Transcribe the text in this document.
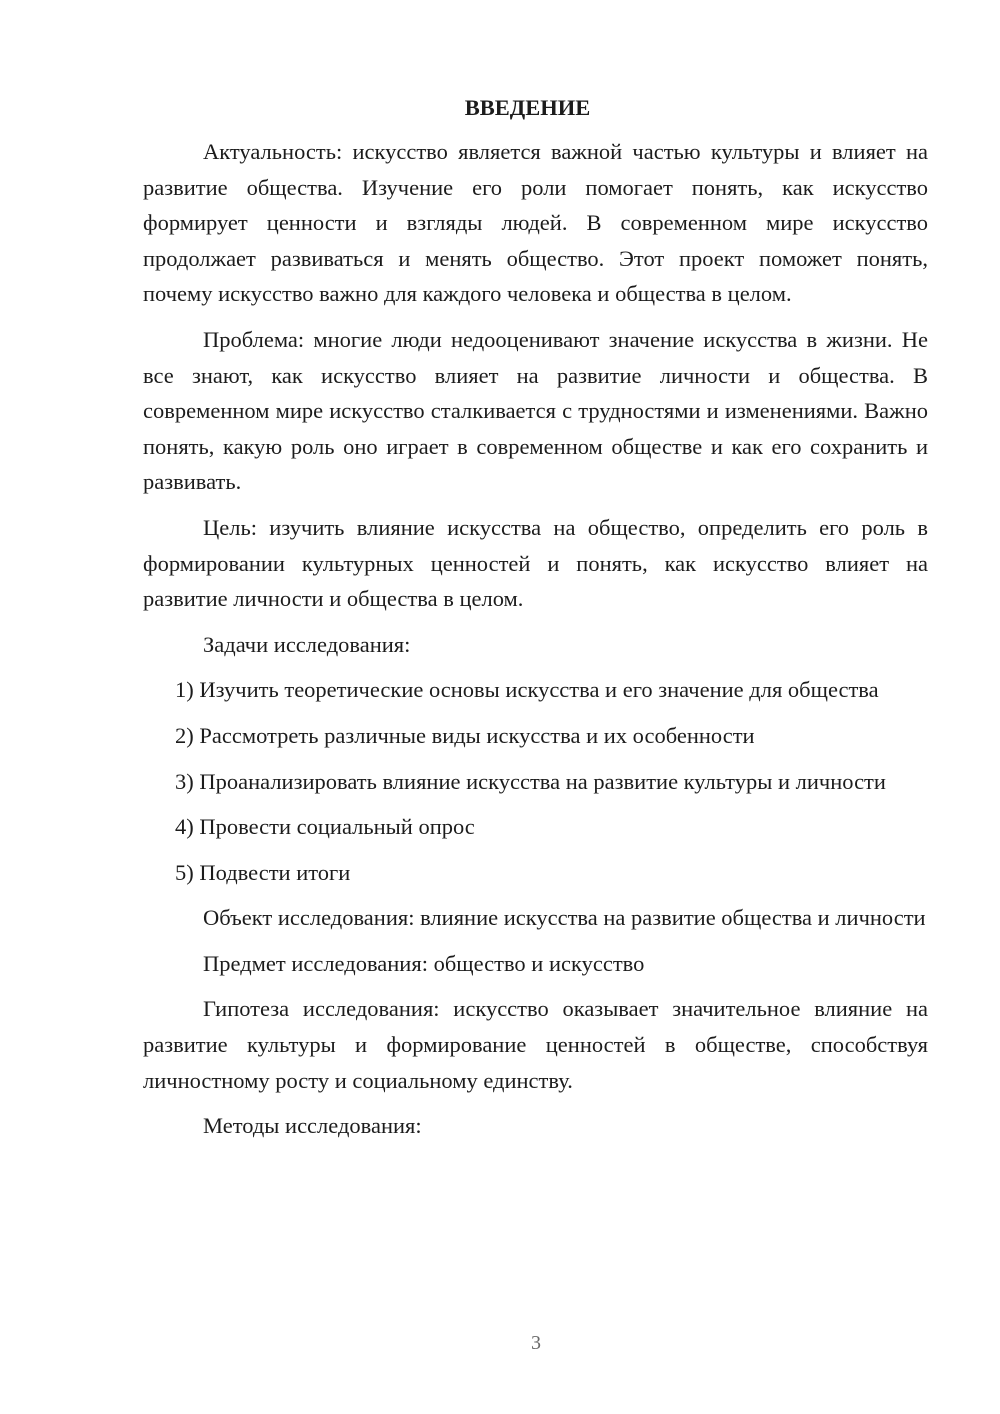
ВВЕДЕНИЕ

Актуальность: искусство является важной частью культуры и влияет на развитие общества. Изучение его роли помогает понять, как искусство формирует ценности и взгляды людей. В современном мире искусство продолжает развиваться и менять общество. Этот проект поможет понять, почему искусство важно для каждого человека и общества в целом.

Проблема: многие люди недооценивают значение искусства в жизни. Не все знают, как искусство влияет на развитие личности и общества. В современном мире искусство сталкивается с трудностями и изменениями. Важно понять, какую роль оно играет в современном обществе и как его сохранить и развивать.

Цель: изучить влияние искусства на общество, определить его роль в формировании культурных ценностей и понять, как искусство влияет на развитие личности и общества в целом.

Задачи исследования:

1) Изучить теоретические основы искусства и его значение для общества

2) Рассмотреть различные виды искусства и их особенности

3) Проанализировать влияние искусства на развитие культуры и личности

4) Провести социальный опрос

5) Подвести итоги

Объект исследования: влияние искусства на развитие общества и личности

Предмет исследования: общество и искусство

Гипотеза исследования: искусство оказывает значительное влияние на развитие культуры и формирование ценностей в обществе, способствуя личностному росту и социальному единству.

Методы исследования:

3
